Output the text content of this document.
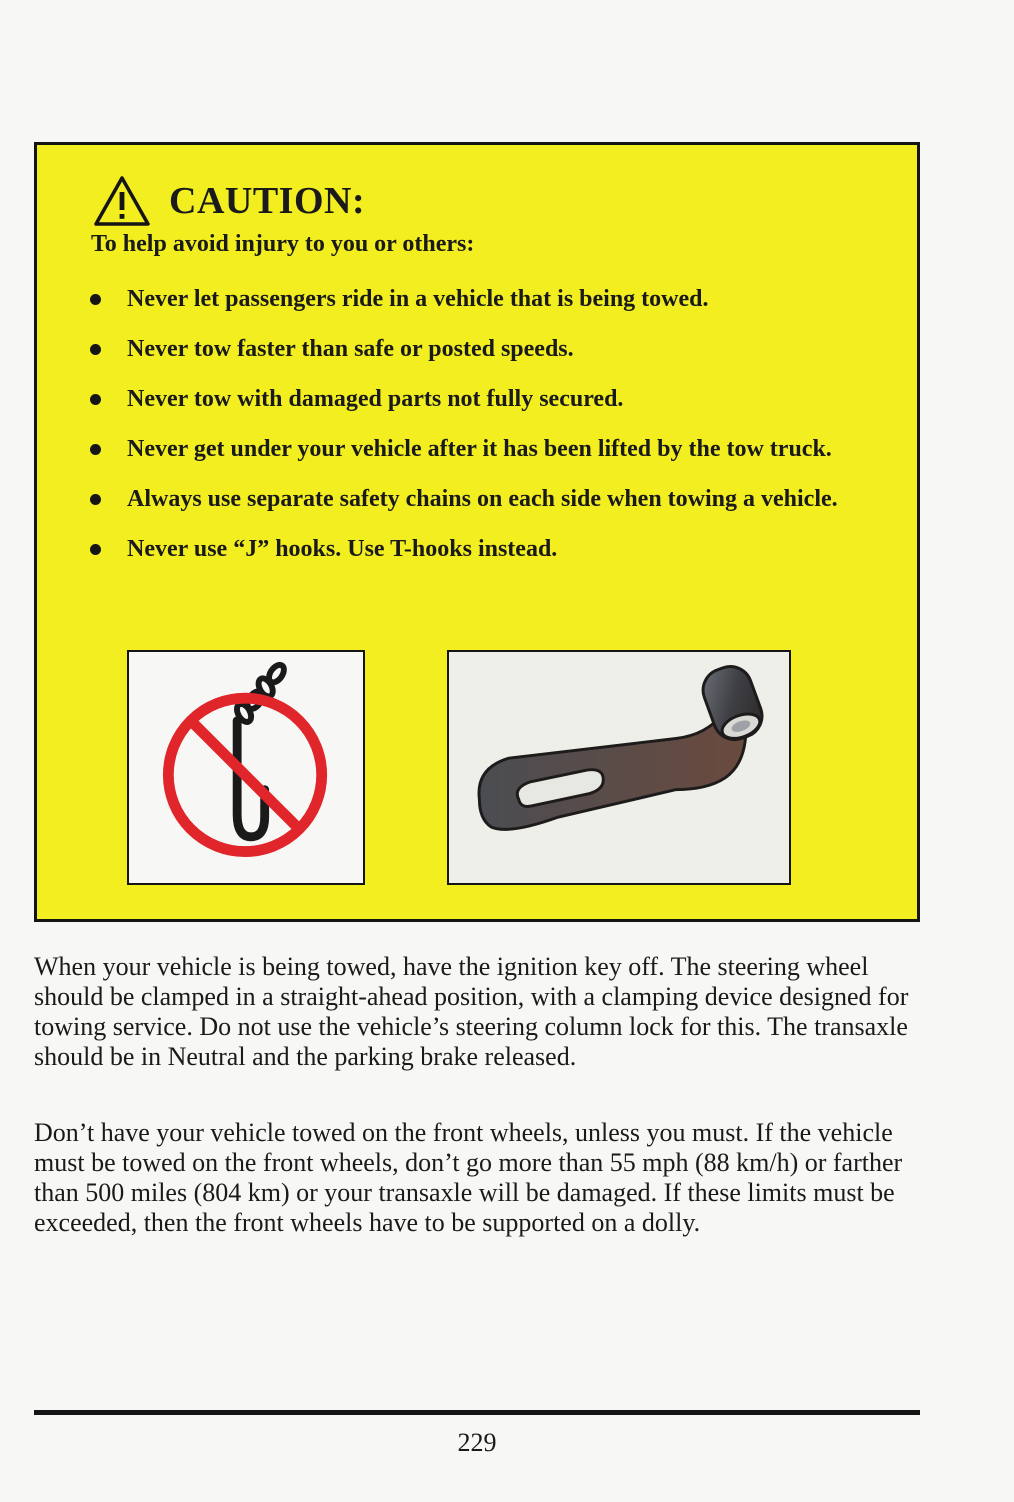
CAUTION:
To help avoid injury to you or others:
Never let passengers ride in a vehicle that is being towed.
Never tow faster than safe or posted speeds.
Never tow with damaged parts not fully secured.
Never get under your vehicle after it has been lifted by the tow truck.
Always use separate safety chains on each side when towing a vehicle.
Never use “J” hooks. Use T-hooks instead.

When your vehicle is being towed, have the ignition key off. The steering wheel should be clamped in a straight-ahead position, with a clamping device designed for towing service. Do not use the vehicle’s steering column lock for this. The transaxle should be in Neutral and the parking brake released.

Don’t have your vehicle towed on the front wheels, unless you must. If the vehicle must be towed on the front wheels, don’t go more than 55 mph (88 km/h) or farther than 500 miles (804 km) or your transaxle will be damaged. If these limits must be exceeded, then the front wheels have to be supported on a dolly.

229
